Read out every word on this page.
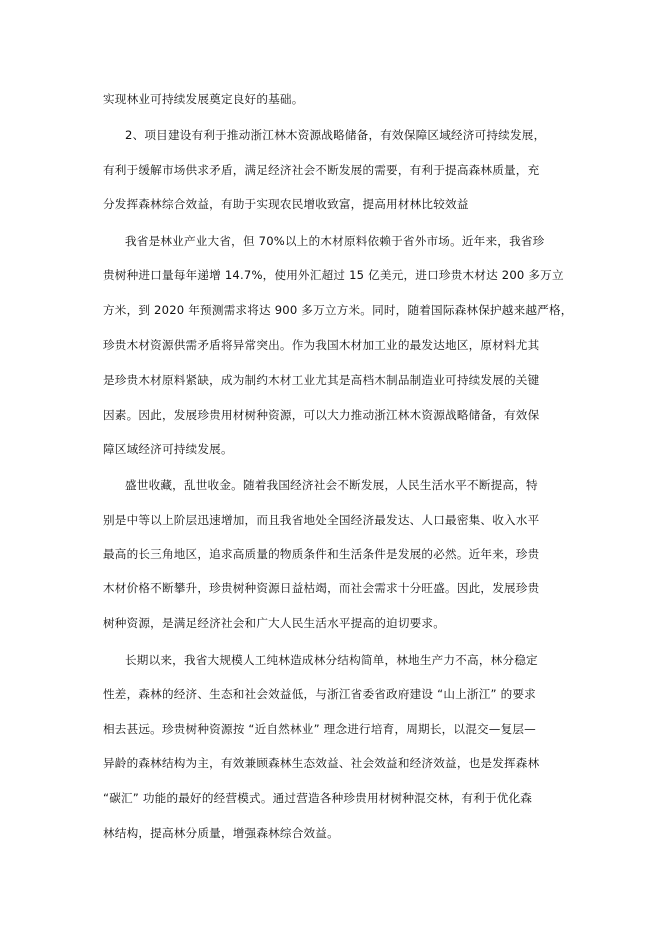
实现林业可持续发展奠定良好的基础。
2、项目建设有利于推动浙江林木资源战略储备，有效保障区域经济可持续发展，
有利于缓解市场供求矛盾，满足经济社会不断发展的需要，有利于提高森林质量，充
分发挥森林综合效益，有助于实现农民增收致富，提高用材林比较效益
我省是林业产业大省，但 70%以上的木材原料依赖于省外市场。近年来，我省珍
贵树种进口量每年递增 14.7%，使用外汇超过 15 亿美元，进口珍贵木材达 200 多万立
方米，到 2020 年预测需求将达 900 多万立方米。同时，随着国际森林保护越来越严格，
珍贵木材资源供需矛盾将异常突出。作为我国木材加工业的最发达地区，原材料尤其
是珍贵木材原料紧缺，成为制约木材工业尤其是高档木制品制造业可持续发展的关键
因素。因此，发展珍贵用材树种资源，可以大力推动浙江林木资源战略储备，有效保
障区域经济可持续发展。
盛世收藏，乱世收金。随着我国经济社会不断发展，人民生活水平不断提高，特
别是中等以上阶层迅速增加，而且我省地处全国经济最发达、人口最密集、收入水平
最高的长三角地区，追求高质量的物质条件和生活条件是发展的必然。近年来，珍贵
木材价格不断攀升，珍贵树种资源日益枯竭，而社会需求十分旺盛。因此，发展珍贵
树种资源，是满足经济社会和广大人民生活水平提高的迫切要求。
长期以来，我省大规模人工纯林造成林分结构简单，林地生产力不高，林分稳定
性差，森林的经济、生态和社会效益低，与浙江省委省政府建设 “山上浙江” 的要求
相去甚远。珍贵树种资源按 “近自然林业” 理念进行培育，周期长，以混交—复层—
异龄的森林结构为主，有效兼顾森林生态效益、社会效益和经济效益，也是发挥森林
“碳汇” 功能的最好的经营模式。通过营造各种珍贵用材树种混交林，有利于优化森
林结构，提高林分质量，增强森林综合效益。
